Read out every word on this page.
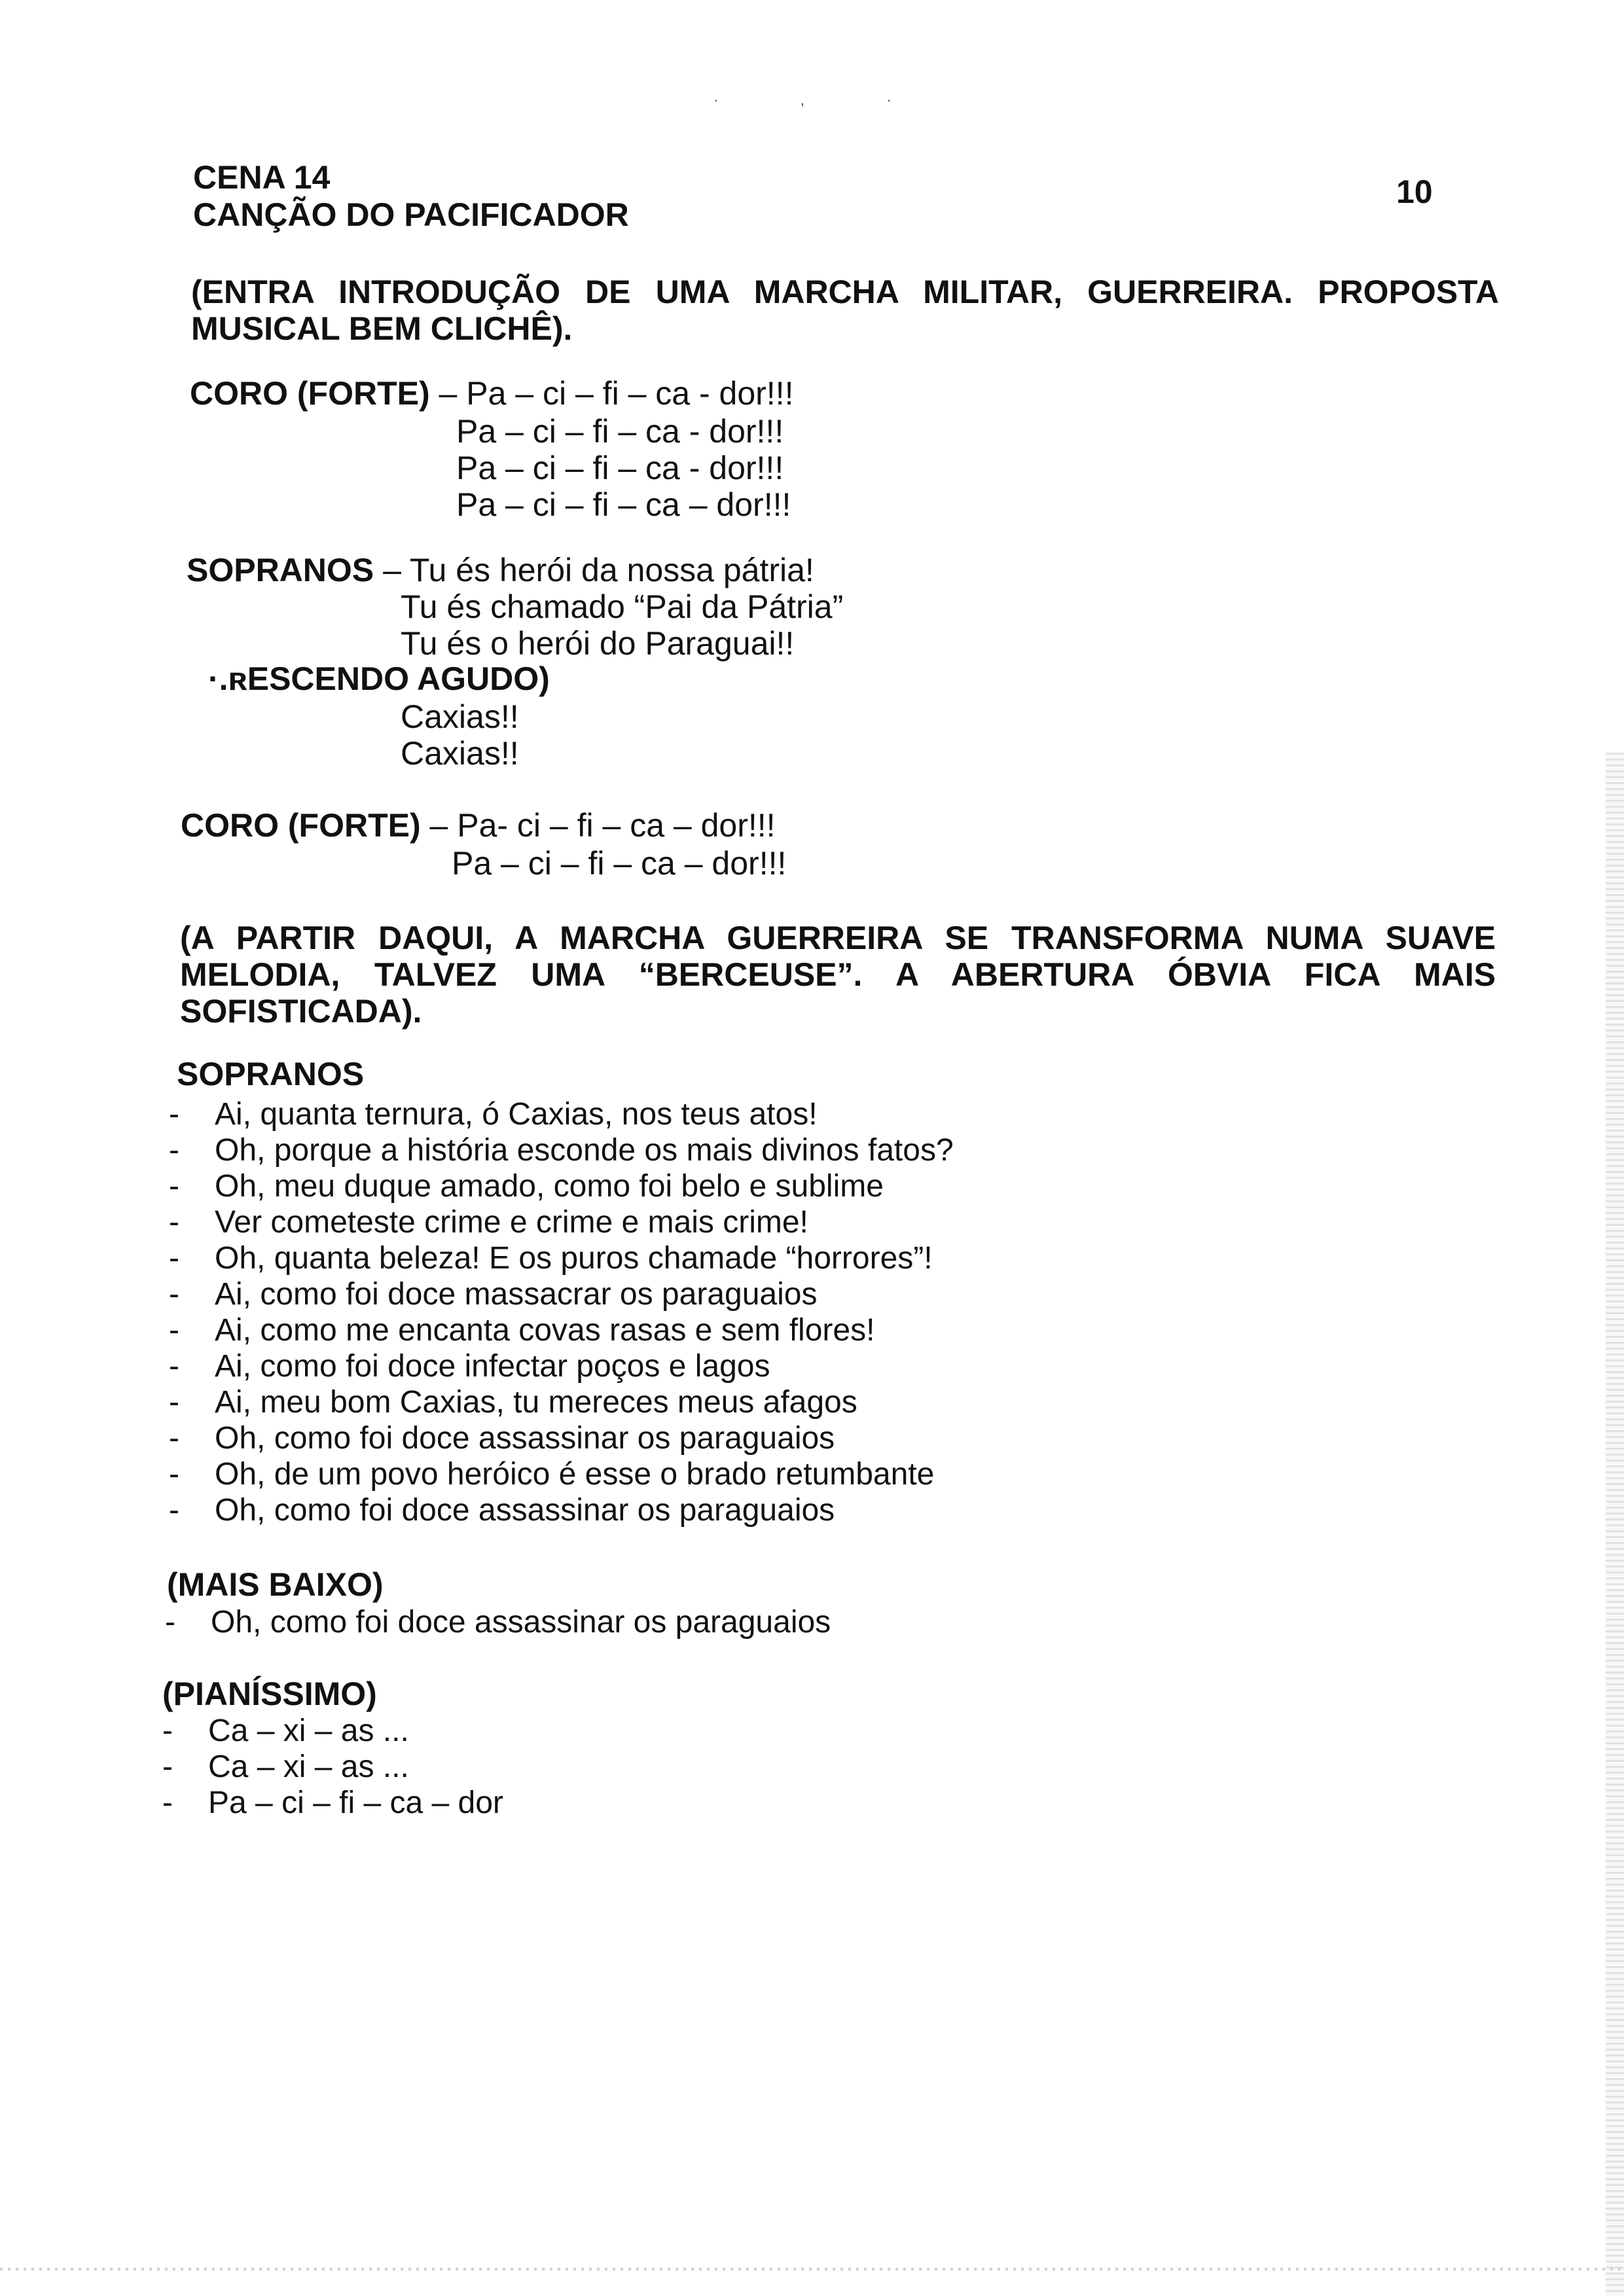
· ‚ ·
CENA 14
CANÇÃO DO PACIFICADOR
10
(ENTRA INTRODUÇÃO DE UMA MARCHA MILITAR, GUERREIRA. PROPOSTA MUSICAL BEM CLICHÊ).
CORO (FORTE) – Pa – ci – fi – ca - dor!!!
Pa – ci – fi – ca - dor!!!
Pa – ci – fi – ca - dor!!!
Pa – ci – fi – ca – dor!!!
SOPRANOS – Tu és herói da nossa pátria!
Tu és chamado “Pai da Pátria”
Tu és o herói do Paraguai!!
·.ʀESCENDO AGUDO)
Caxias!!
Caxias!!
CORO (FORTE) – Pa- ci – fi – ca – dor!!!
Pa – ci – fi – ca – dor!!!
(A PARTIR DAQUI, A MARCHA GUERREIRA SE TRANSFORMA NUMA SUAVE MELODIA, TALVEZ UMA “BERCEUSE”. A ABERTURA ÓBVIA FICA MAIS SOFISTICADA).
SOPRANOS
- Ai, quanta ternura, ó Caxias, nos teus atos!
- Oh, porque a história esconde os mais divinos fatos?
- Oh, meu duque amado, como foi belo e sublime
- Ver cometeste crime e crime e mais crime!
- Oh, quanta beleza! E os puros chamade “horrores”!
- Ai, como foi doce massacrar os paraguaios
- Ai, como me encanta covas rasas e sem flores!
- Ai, como foi doce infectar poços e lagos
- Ai, meu bom Caxias, tu mereces meus afagos
- Oh, como foi doce assassinar os paraguaios
- Oh, de um povo heróico é esse o brado retumbante
- Oh, como foi doce assassinar os paraguaios
(MAIS BAIXO)
- Oh, como foi doce assassinar os paraguaios
(PIANÍSSIMO)
- Ca – xi – as ...
- Ca – xi – as ...
- Pa – ci – fi – ca – dor
